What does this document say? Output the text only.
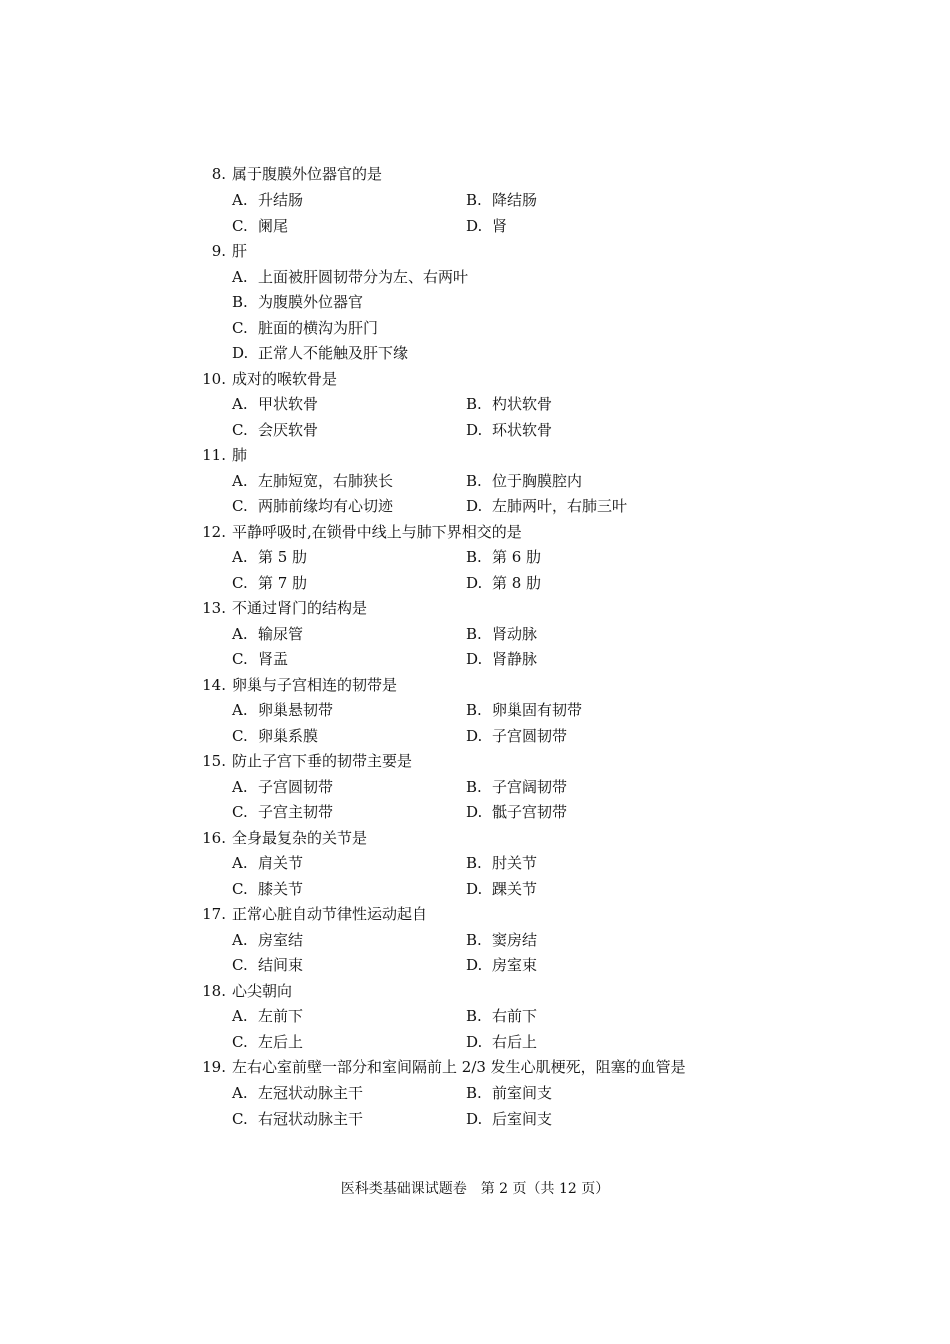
8. 属于腹膜外位器官的是
A. 升结肠	B. 降结肠
C. 阑尾	D. 肾
9. 肝
A. 上面被肝圆韧带分为左、右两叶
B. 为腹膜外位器官
C. 脏面的横沟为肝门
D. 正常人不能触及肝下缘
10. 成对的喉软骨是
A. 甲状软骨	B. 杓状软骨
C. 会厌软骨	D. 环状软骨
11. 肺
A. 左肺短宽，右肺狭长	B. 位于胸膜腔内
C. 两肺前缘均有心切迹	D. 左肺两叶，右肺三叶
12. 平静呼吸时,在锁骨中线上与肺下界相交的是
A. 第 5 肋	B. 第 6 肋
C. 第 7 肋	D. 第 8 肋
13. 不通过肾门的结构是
A. 输尿管	B. 肾动脉
C. 肾盂	D. 肾静脉
14. 卵巢与子宫相连的韧带是
A. 卵巢悬韧带	B. 卵巢固有韧带
C. 卵巢系膜	D. 子宫圆韧带
15. 防止子宫下垂的韧带主要是
A. 子宫圆韧带	B. 子宫阔韧带
C. 子宫主韧带	D. 骶子宫韧带
16. 全身最复杂的关节是
A. 肩关节	B. 肘关节
C. 膝关节	D. 踝关节
17. 正常心脏自动节律性运动起自
A. 房室结	B. 窦房结
C. 结间束	D. 房室束
18. 心尖朝向
A. 左前下	B. 右前下
C. 左后上	D. 右后上
19. 左右心室前壁一部分和室间隔前上 2/3 发生心肌梗死，阻塞的血管是
A. 左冠状动脉主干	B. 前室间支
C. 右冠状动脉主干	D. 后室间支
医科类基础课试题卷　第 2 页（共 12 页）
